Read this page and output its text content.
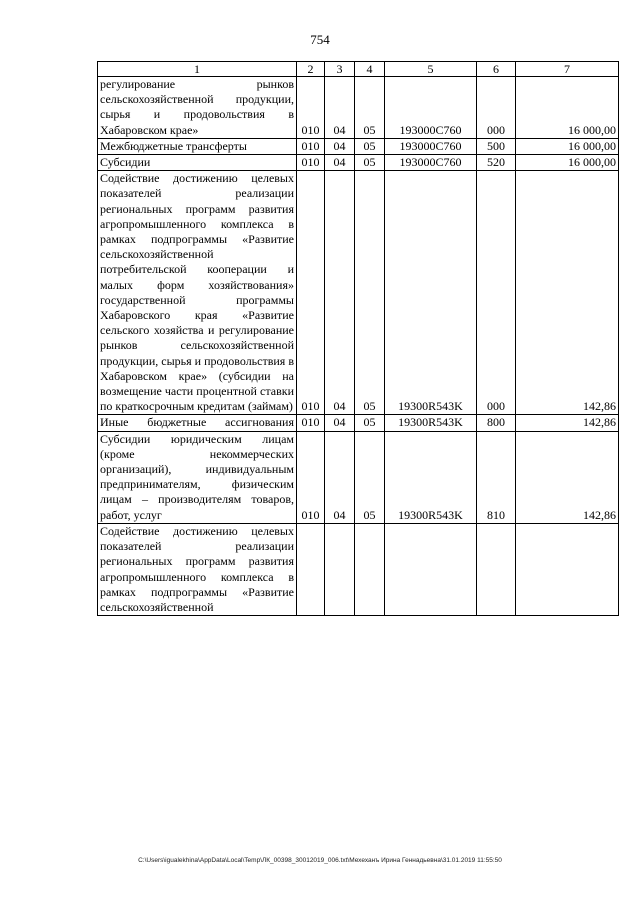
754
1	2	3	4	5	6	7
регулирование рынков сельскохозяйственной продукции, сырья и продовольствия в Хабаровском крае»	010	04	05	193000С760	000	16 000,00
Межбюджетные трансферты	010	04	05	193000С760	500	16 000,00
Субсидии	010	04	05	193000С760	520	16 000,00
Содействие достижению целевых показателей реализации региональных программ развития агропромышленного комплекса в рамках подпрограммы «Развитие сельскохозяйственной потребительской кооперации и малых форм хозяйствования» государственной программы Хабаровского края «Развитие сельского хозяйства и регулирование рынков сельскохозяйственной продукции, сырья и продовольствия в Хабаровском крае» (субсидии на возмещение части процентной ставки по краткосрочным кредитам (займам)	010	04	05	19300R543K	000	142,86
Иные бюджетные ассигнования	010	04	05	19300R543K	800	142,86
Субсидии юридическим лицам (кроме некоммерческих организаций), индивидуальным предпринимателям, физическим лицам – производителям товаров, работ, услуг	010	04	05	19300R543K	810	142,86
Содействие достижению целевых показателей реализации региональных программ развития агропромышленного комплекса в рамках подпрограммы «Развитие сельскохозяйственной						
C:\Users\igualekhina\AppData\Local\Temp\ЛК_00398_30012019_006.txt\Мехеханъ Ирина Геннадьевна\31.01.2019 11:55:50
